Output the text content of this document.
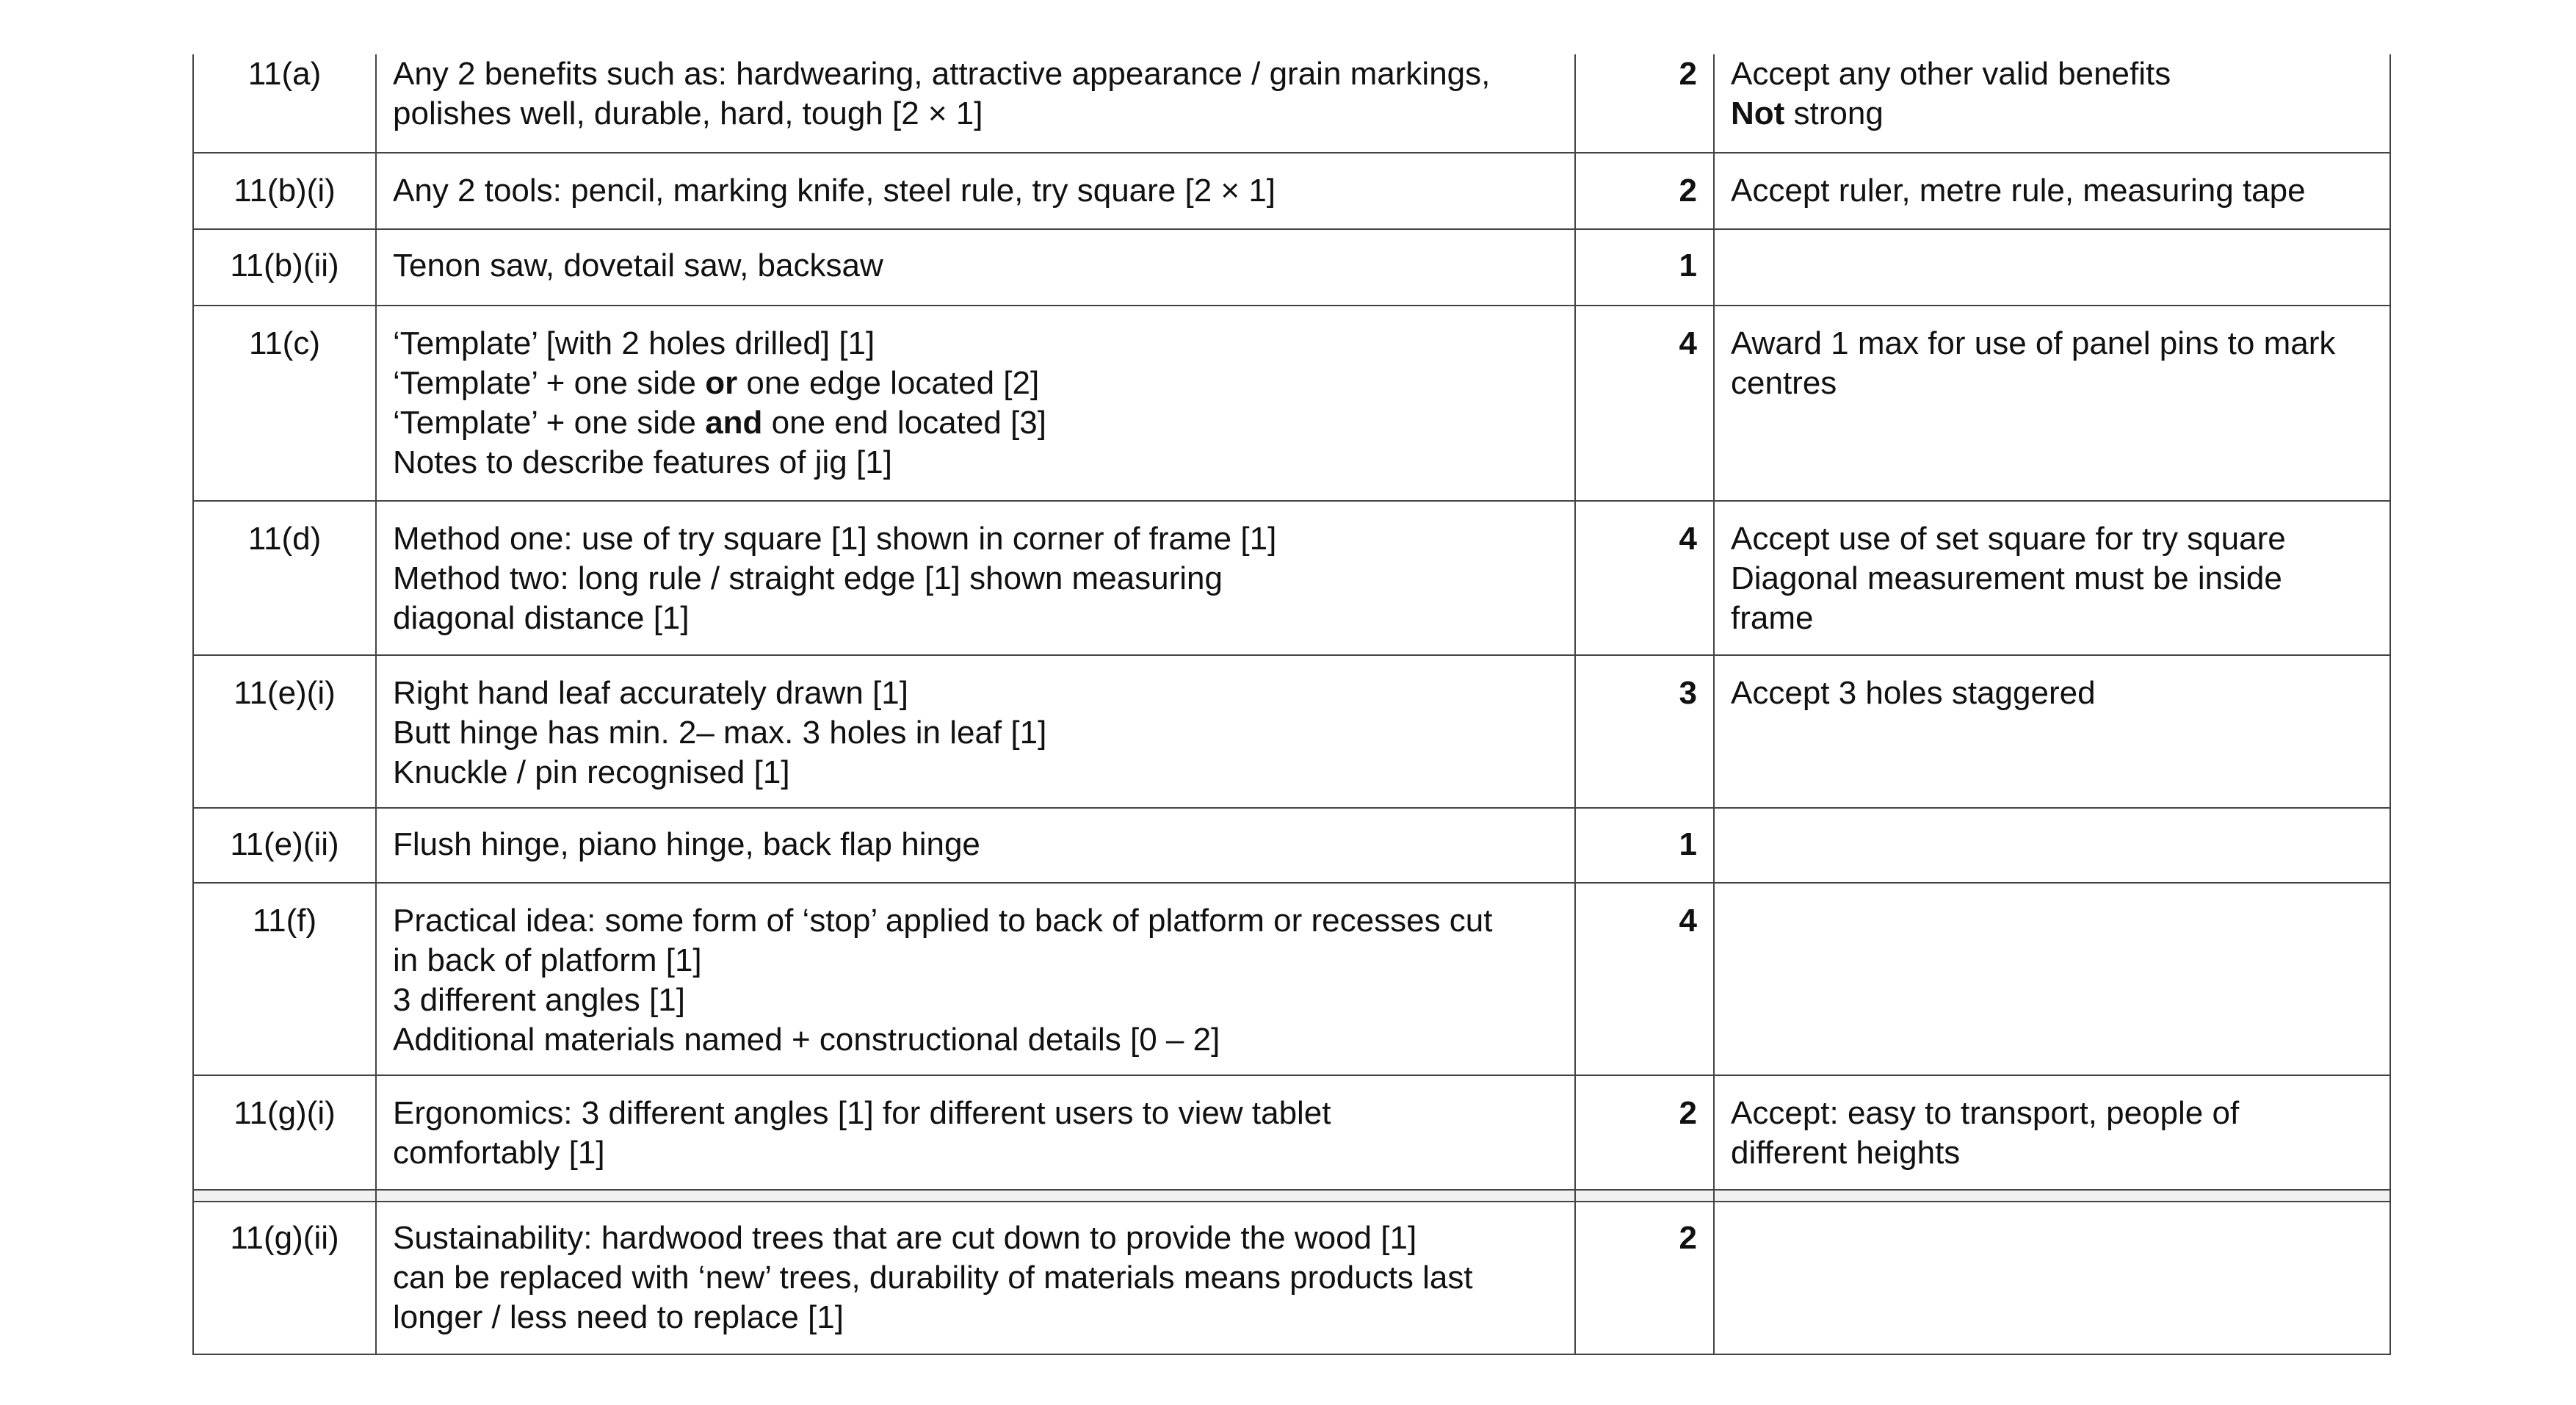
11(a)	Any 2 benefits such as: hardwearing, attractive appearance / grain markings,
polishes well, durable, hard, tough [2 × 1]	2	Accept any other valid benefits
Not strong

11(b)(i)	Any 2 tools: pencil, marking knife, steel rule, try square [2 × 1]	2	Accept ruler, metre rule, measuring tape

11(b)(ii)	Tenon saw, dovetail saw, backsaw	1	
11(c)	‘Template’ [with 2 holes drilled] [1]
‘Template’ + one side or one edge located [2]
‘Template’ + one side and one end located [3]
Notes to describe features of jig [1]	4	Award 1 max for use of panel pins to mark
centres

11(d)	Method one: use of try square [1] shown in corner of frame [1]
Method two: long rule / straight edge [1] shown measuring
diagonal distance [1]	4	Accept use of set square for try square
Diagonal measurement must be inside
frame

11(e)(i)	Right hand leaf accurately drawn [1]
Butt hinge has min. 2– max. 3 holes in leaf [1]
Knuckle / pin recognised [1]	3	Accept 3 holes staggered

11(e)(ii)	Flush hinge, piano hinge, back flap hinge	1	
11(f)	Practical idea: some form of ‘stop’ applied to back of platform or recesses cut
in back of platform [1]
3 different angles [1]
Additional materials named + constructional details [0 – 2]	4	
11(g)(i)	Ergonomics: 3 different angles [1] for different users to view tablet
comfortably [1]	2	Accept: easy to transport, people of
different heights

11(g)(ii)	Sustainability: hardwood trees that are cut down to provide the wood [1]
can be replaced with ‘new’ trees, durability of materials means products last
longer / less need to replace [1]	2	
